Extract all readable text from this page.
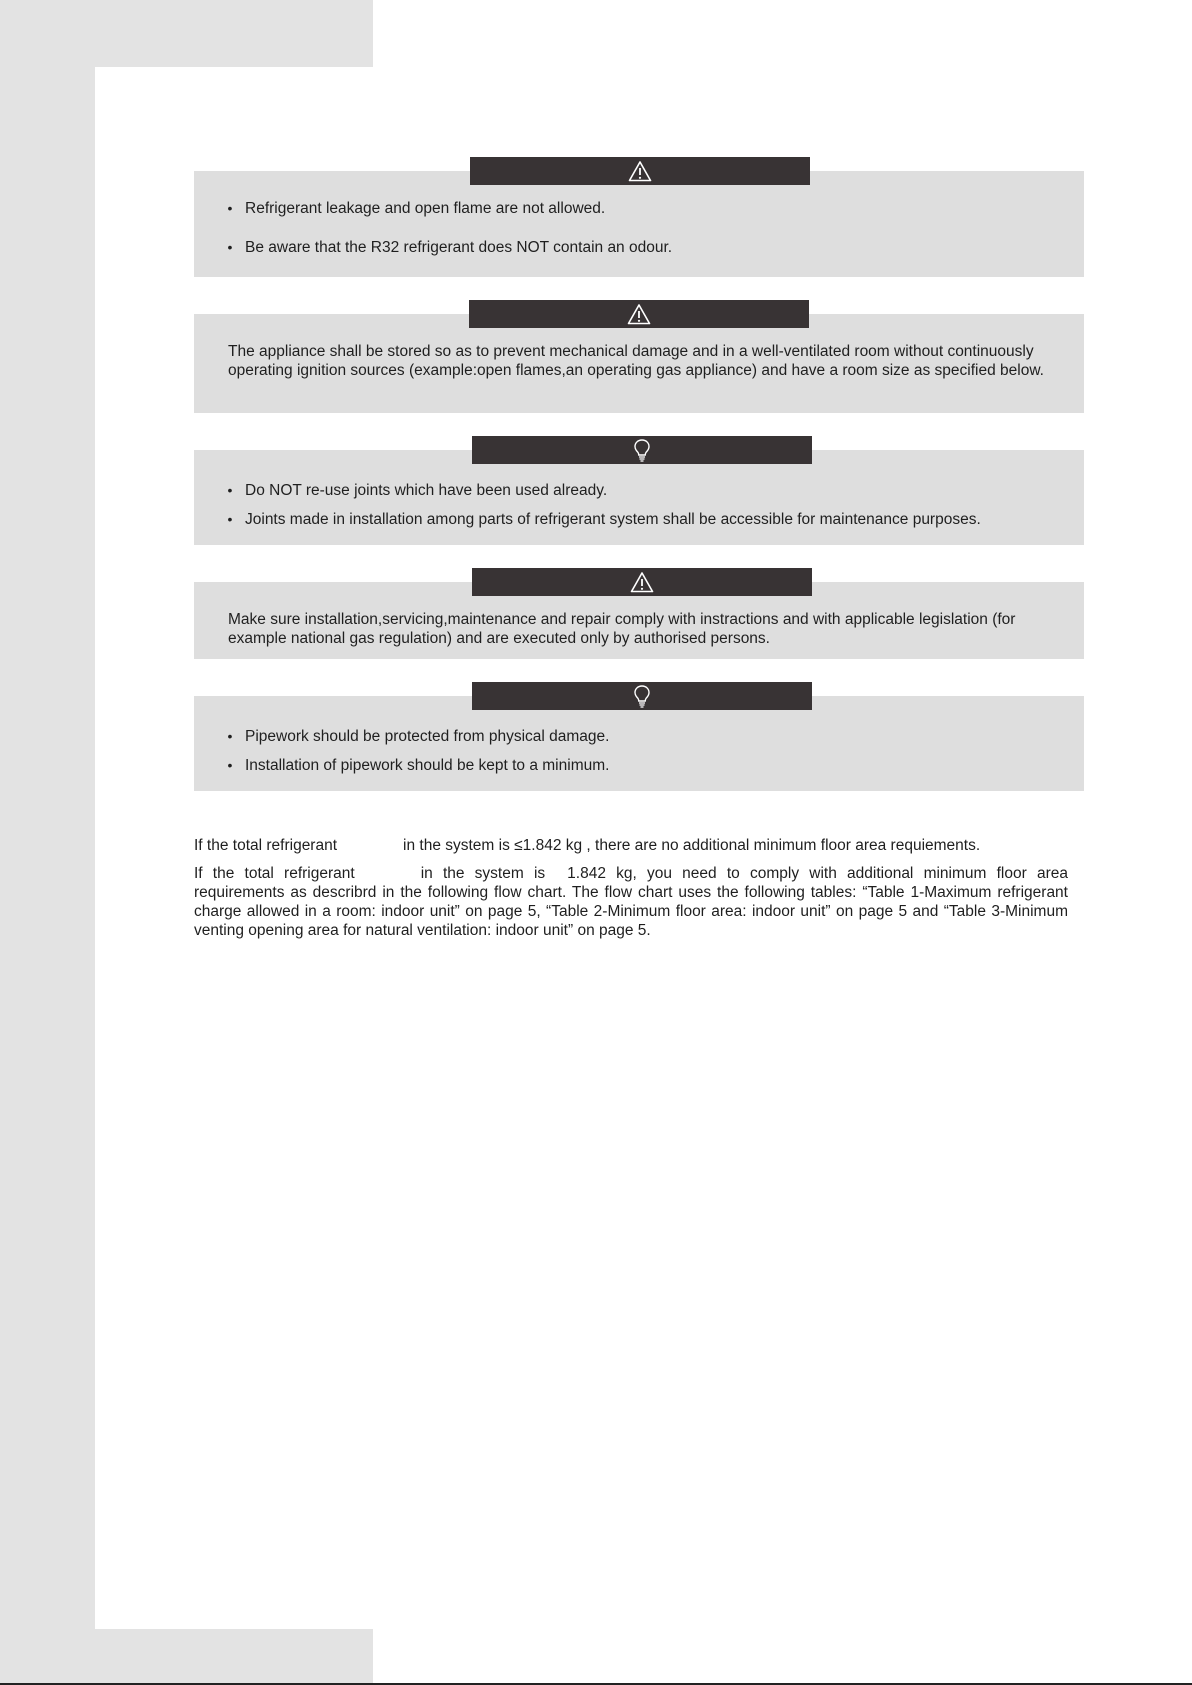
• Refrigerant leakage and open flame are not allowed.
• Be aware that the R32 refrigerant does NOT contain an odour.
The appliance shall be stored so as to prevent mechanical damage and in a well-ventilated room without continuously operating ignition sources (example:open flames,an operating gas appliance) and have a room size as specified below.
• Do NOT re-use joints which have been used already.
• Joints made in installation among parts of refrigerant system shall be accessible for maintenance purposes.
Make sure installation,servicing,maintenance and repair comply with instractions and with applicable legislation (for example national gas regulation) and are executed only by authorised persons.
• Pipework should be protected from physical damage.
• Installation of pipework should be kept to a minimum.
If the total refrigerant	in the system is ≤1.842 kg , there are no additional minimum floor area requiements.
If the total refrigerant	in the system is 1.842 kg, you need to comply with additional minimum floor area requirements as describrd in the following flow chart. The flow chart uses the following tables: “Table 1-Maximum refrigerant charge allowed in a room: indoor unit” on page 5, “Table 2-Minimum floor area: indoor unit” on page 5 and “Table 3-Minimum venting opening area for natural ventilation: indoor unit” on page 5.
